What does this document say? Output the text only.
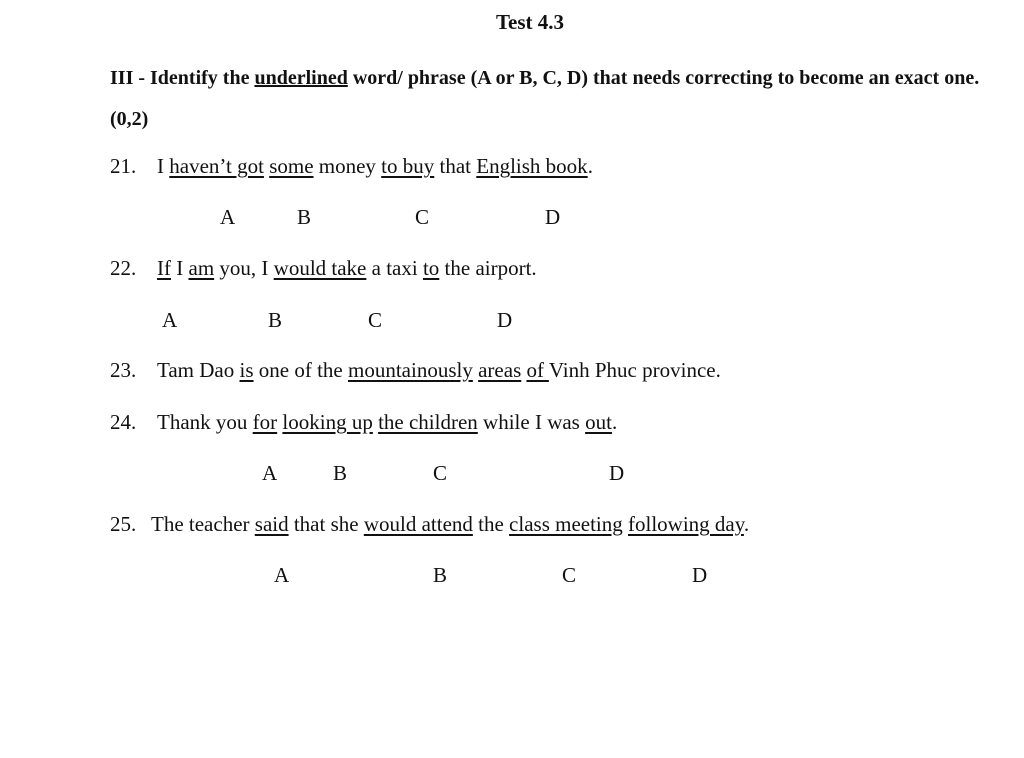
Test 4.3
III - Identify the underlined word/ phrase (A or B, C, D) that needs correcting to become an exact one. (0,2)
21. I haven’t got some money to buy that English book.
A	B	C	D
22. If I am you, I would take a taxi to the airport.
A	B	C	D
23. Tam Dao is one of the mountainously areas of Vinh Phuc province.
24. Thank you for looking up the children while I was out.
A	B	C	D
25. The teacher said that she would attend the class meeting following day.
A	B	C	D
